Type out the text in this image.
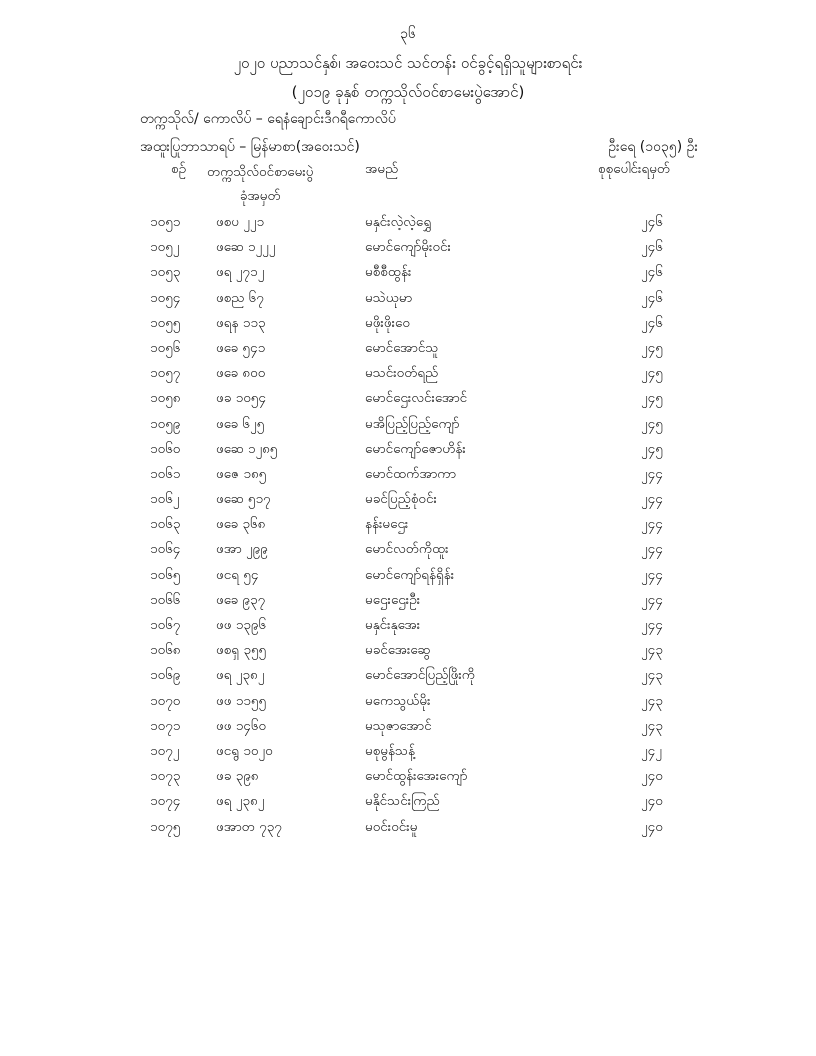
၃၆
၂၀၂၀ ပညာသင်နှစ်၊ အဝေးသင် သင်တန်း ဝင်ခွင့်ရရှိသူများစာရင်း
(၂၀၁၉ ခုနှစ် တက္ကသိုလ်ဝင်စာမေးပွဲအောင်)
တက္ကသိုလ်/ ကောလိပ် – ရေနံချောင်းဒီဂရီကောလိပ်
အထူးပြုဘာသာရပ် – မြန်မာစာ(အဝေးသင်)	ဦးရေ (၁၀၃၅) ဦး
စဉ် တက္ကသိုလ်ဝင်စာမေးပွဲ
ခုံအမှတ်
အမည်	စုစုပေါင်းရမှတ်
၁၀၅၁	ဖစပ ၂၂၁	မနှင်းလဲ့လဲ့ရွှေ	၂၄၆
၁၀၅၂	ဖဆေ ၁၂၂၂	မောင်ကျော်မိုးဝင်း	၂၄၆
၁၀၅၃	ဖရ ၂၇၁၂	မစီစီထွန်း	၂၄၆
၁၀၅၄	ဖစည ၆၇	မသဲယုမာ	၂၄၆
၁၀၅၅	ဖရန ၁၁၃	မဖိုးဖိုးဝေ	၂၄၆
၁၀၅၆	ဖခေ ၅၄၁	မောင်အောင်သူ	၂၄၅
၁၀၅၇	ဖခေ ၈၀၀	မသင်းဝတ်ရည်	၂၄၅
၁၀၅၈	ဖခ ၁၀၅၄	မောင်ဌေးလင်းအောင်	၂၄၅
၁၀၅၉	ဖခေ ၆၂၅	မအိပြည့်ပြည့်ကျော်	၂၄၅
၁၀၆၀	ဖဆေ ၁၂၈၅	မောင်ကျော်ဇောဟိန်း	၂၄၅
၁၀၆၁	ဖဇေ ၁၈၅	မောင်ထက်အာကာ	၂၄၄
၁၀၆၂	ဖဆေ ၅၁၇	မခင်ပြည့်စုံဝင်း	၂၄၄
၁၀၆၃	ဖခေ ၃၆၈	နန်းမဌေး	၂၄၄
၁၀၆၄	ဖအာ ၂၉၉	မောင်လတ်ကိုထူး	၂၄၄
၁၀၆၅	ဖငရ ၅၄	မောင်ကျော်ရန်ရှိန်း	၂၄၄
၁၀၆၆	ဖခေ ၉၃၇	မဌေးဌေးဦး	၂၄၄
၁၀၆၇	ဖဖ ၁၃၉၆	မနှင်းနုအေး	၂၄၄
၁၀၆၈	ဖစရှ ၃၅၅	မခင်အေးဆွေ	၂၄၃
၁၀၆၉	ဖရ ၂၃၈၂	မောင်အောင်ပြည့်ဖြိုးကို	၂၄၃
၁၀၇၀	ဖဖ ၁၁၅၅	မကေသွယ်မိုး	၂၄၃
၁၀၇၁	ဖဖ ၁၄၆၀	မသုဇာအောင်	၂၄၃
၁၀၇၂	ဖငရွ ၁၀၂၀	မစုမွန်သန့်	၂၄၂
၁၀၇၃	ဖခ ၃၉၈	မောင်ထွန်းအေးကျော်	၂၄၀
၁၀၇၄	ဖရ ၂၃၈၂	မနိုင်သင်းကြည်	၂၄၀
၁၀၇၅	ဖအာတ ၇၃၇	မဝင်းဝင်းမူ	၂၄၀
